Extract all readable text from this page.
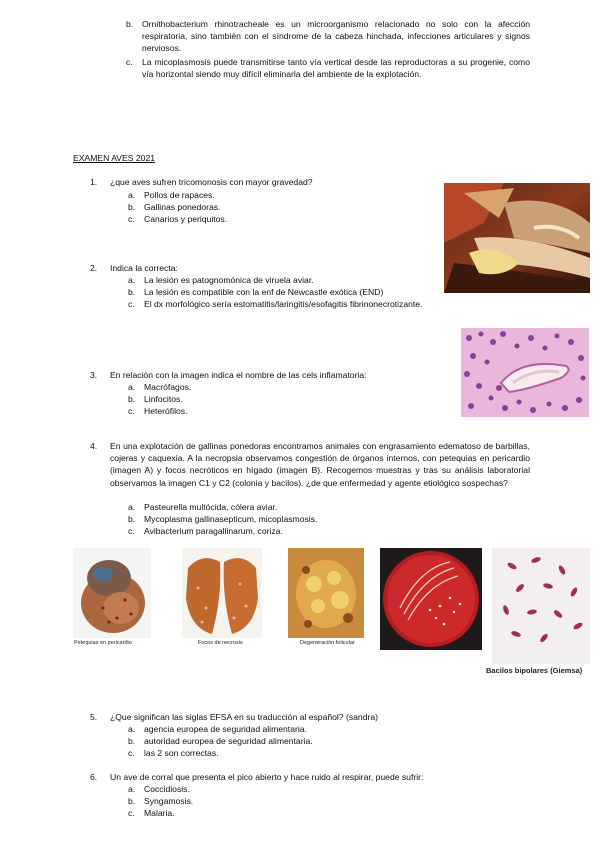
b.	Ornithobacterium rhinotracheale es un microorganismo relacionado no solo con la afección respiratoria, sino también con el síndrome de la cabeza hinchada, infecciones articulares y signos nerviosos.
c.	La micoplasmosis puede transmitirse tanto vía vertical desde las reproductoras a su progenie, como vía horizontal siendo muy difícil eliminarla del ambiente de la explotación.
EXAMEN AVES 2021
1.	¿que aves sufren tricomonosis con mayor gravedad?
a.	Pollos de rapaces.
b.	Gallinas ponedoras.
c.	Canarios y periquitos.
2.	Indica la correcta:
a.	La lesión es patognomónica de viruela aviar.
b.	La lesión es compatible con la enf de Newcastle exótica (END)
c.	El dx morfológico sería estomatitis/laringitis/esofagitis fibrinonecrotizante.
3.	En relación con la imagen indica el nombre de las cels inflamatoria:
a.	Macrófagos.
b.	Linfocitos.
c.	Heterófilos.
4.	En una explotación de gallinas ponedoras encontramos animales con engrasamiento edematoso de barbillas, cojeras y caquexia. A la necropsia observamos congestión de órganos internos, con petequias en pericardio (imagen A) y focos necróticos en hígado (imagen B). Recogemos muestras y tras su análisis laboratorial observamos la imagen C1 y C2 (colonia y bacilos). ¿de que enfermedad y agente etiológico sospechas?
a.	Pasteurella multócida, cólera aviar.
b.	Mycoplasma gallinasepticum, micoplasmosis.
c.	Avibacterium paragallinarum, coriza.
Petequias en pericardio	Focos de necrosis	Degeneración folicular
Bacilos bipolares (Giemsa)
5.	¿Que significan las siglas EFSA en su traducción al español? (sandra)
a.	agencia europea de seguridad alimentaria.
b.	autoridad europea de seguridad alimentaria.
c.	las 2 son correctas.
6.	Un ave de corral que presenta el pico abierto y hace ruido al respirar, puede sufrir:
a.	Coccidiosis.
b.	Syngamosis.
c.	Malaria.
